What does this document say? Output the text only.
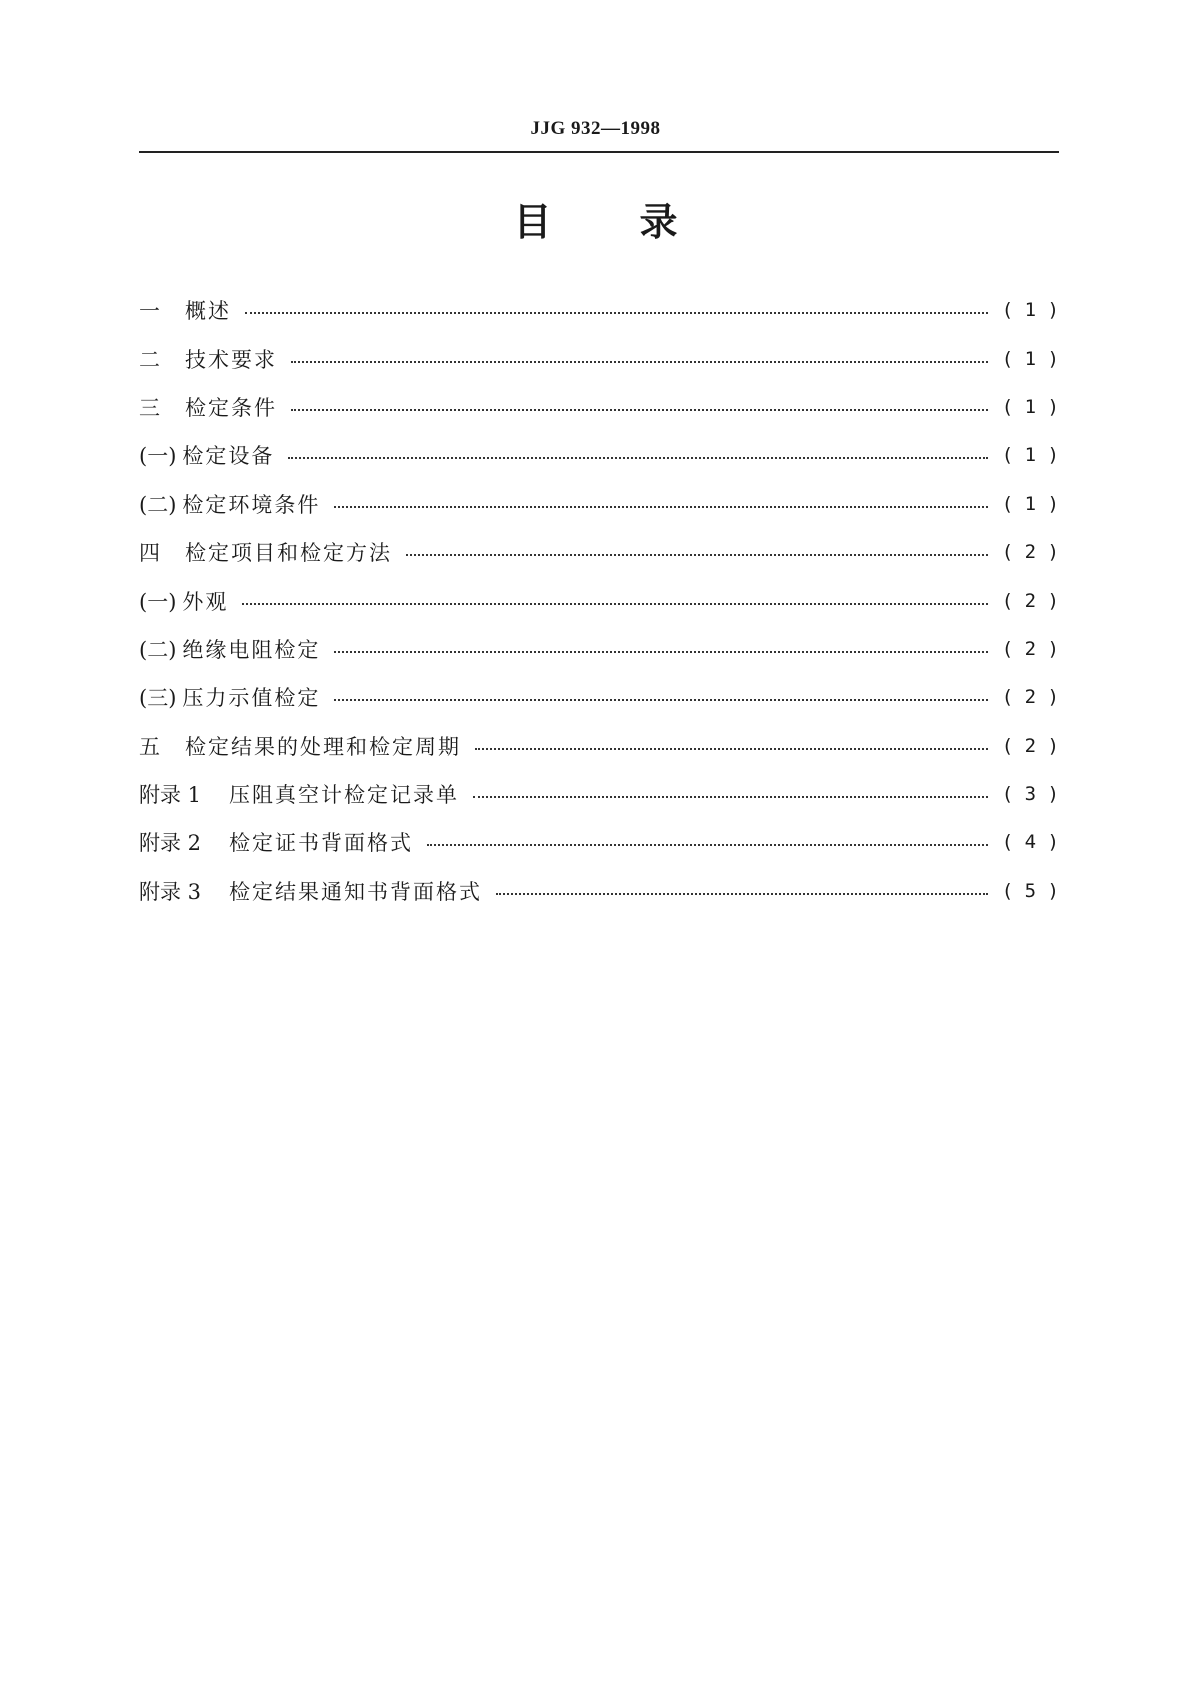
JJG 932—1998
目 录
一	概述	( 1 )
二	技术要求	( 1 )
三	检定条件	( 1 )
(一) 检定设备	( 1 )
(二) 检定环境条件	( 1 )
四	检定项目和检定方法	( 2 )
(一) 外观	( 2 )
(二) 绝缘电阻检定	( 2 )
(三) 压力示值检定	( 2 )
五	检定结果的处理和检定周期	( 2 )
附录 1	压阻真空计检定记录单	( 3 )
附录 2	检定证书背面格式	( 4 )
附录 3	检定结果通知书背面格式	( 5 )
